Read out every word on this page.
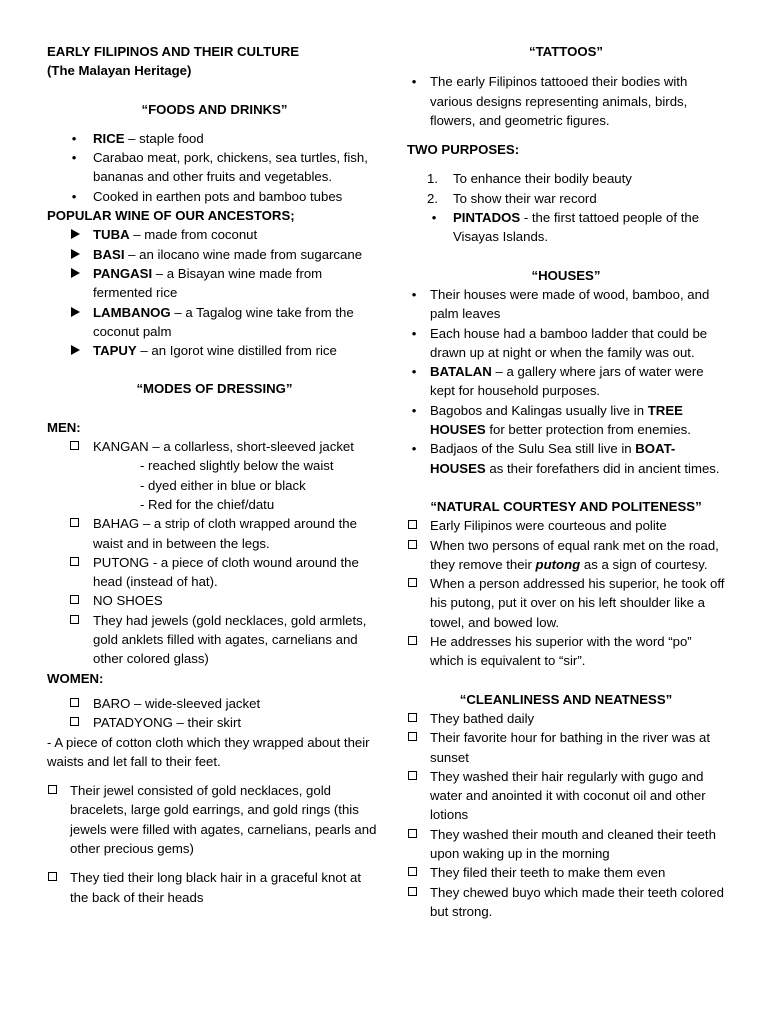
EARLY FILIPINOS AND THEIR CULTURE
(The Malayan Heritage)
“FOODS AND DRINKS”
•	RICE – staple food
•	Carabao meat, pork, chickens, sea turtles, fish, bananas and other fruits and vegetables.
•	Cooked in earthen pots and bamboo tubes
POPULAR WINE OF OUR ANCESTORS;
TUBA – made from coconut
BASI – an ilocano wine made from sugarcane
PANGASI – a Bisayan wine made from fermented rice
LAMBANOG – a Tagalog wine take from the coconut palm
TAPUY – an Igorot wine distilled from rice
“MODES OF DRESSING”
MEN:
KANGAN – a collarless, short-sleeved jacket
- reached slightly below the waist
- dyed either in blue or black
- Red for the chief/datu
BAHAG – a strip of cloth wrapped around the waist and in between the legs.
PUTONG - a piece of cloth wound around the head (instead of hat).
NO SHOES
They had jewels (gold necklaces, gold armlets, gold anklets filled with agates, carnelians and other colored glass)
WOMEN:
BARO – wide-sleeved jacket
PATADYONG – their skirt

- A piece of cotton cloth which they wrapped about their waists and let fall to their feet.

Their jewel consisted of gold necklaces, gold bracelets, large gold earrings, and gold rings (this jewels were filled with agates, carnelians, pearls and other precious gems)
They tied their long black hair in a graceful knot at the back of their heads
“TATTOOS”
•	The early Filipinos tattooed their bodies with various designs representing animals, birds, flowers, and geometric figures.
TWO PURPOSES:
1. To enhance their bodily beauty
2. To show their war record
•	PINTADOS - the first tattoed people of the Visayas Islands.
“HOUSES”
•	Their houses were made of wood, bamboo, and palm leaves
•	Each house had a bamboo ladder that could be drawn up at night or when the family was out.
•	BATALAN – a gallery where jars of water were kept for household purposes.
•	Bagobos and Kalingas usually live in TREE HOUSES for better protection from enemies.
•	Badjaos of the Sulu Sea still live in BOAT-HOUSES as their forefathers did in ancient times.
“NATURAL COURTESY AND POLITENESS”
Early Filipinos were courteous and polite
When two persons of equal rank met on the road, they remove their putong as a sign of courtesy.
When a person addressed his superior, he took off his putong, put it over on his left shoulder like a towel, and bowed low.
He addresses his superior with the word “po” which is equivalent to “sir”.
“CLEANLINESS AND NEATNESS”
They bathed daily
Their favorite hour for bathing in the river was at sunset
They washed their hair regularly with gugo and water and anointed it with coconut oil and other lotions
They washed their mouth and cleaned their teeth upon waking up in the morning
They filed their teeth to make them even
They chewed buyo which made their teeth colored but strong.
